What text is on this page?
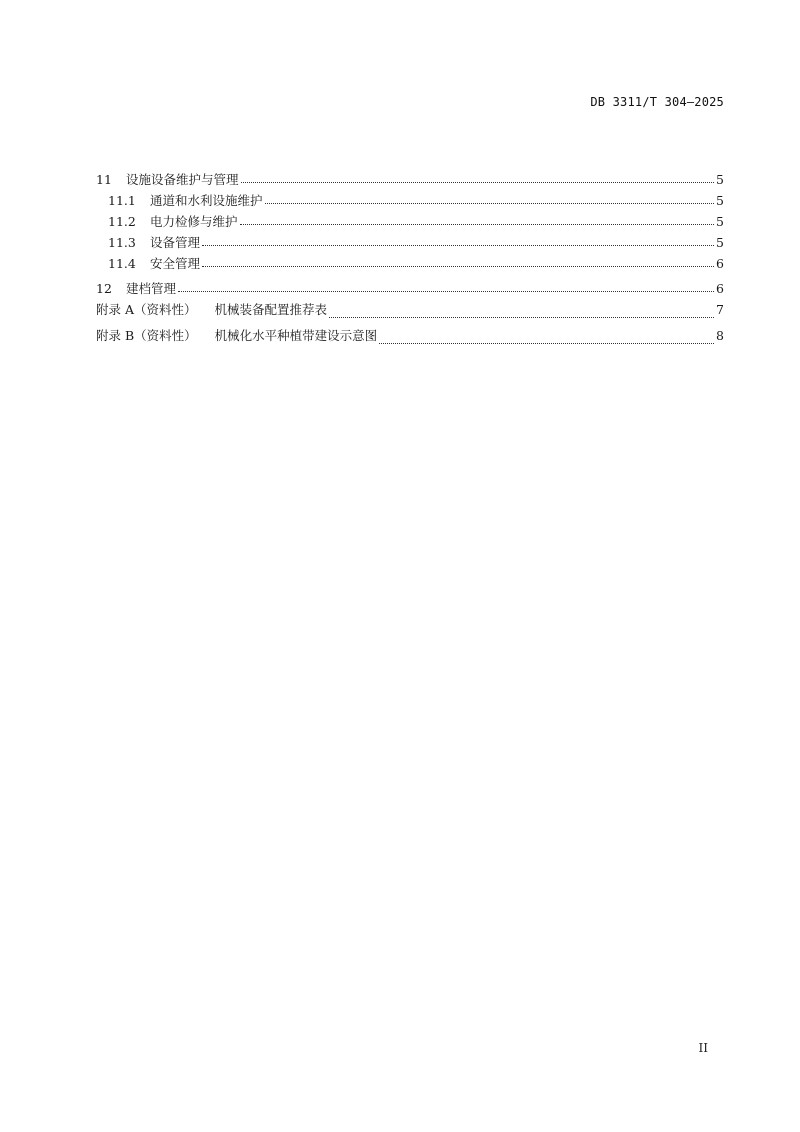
DB 3311/T 304—2025
11 设施设备维护与管理	5
11.1 通道和水利设施维护	5
11.2 电力检修与维护	5
11.3 设备管理	5
11.4 安全管理	6
12 建档管理	6
附录 A（资料性） 机械装备配置推荐表	7
附录 B（资料性） 机械化水平种植带建设示意图	8
II
